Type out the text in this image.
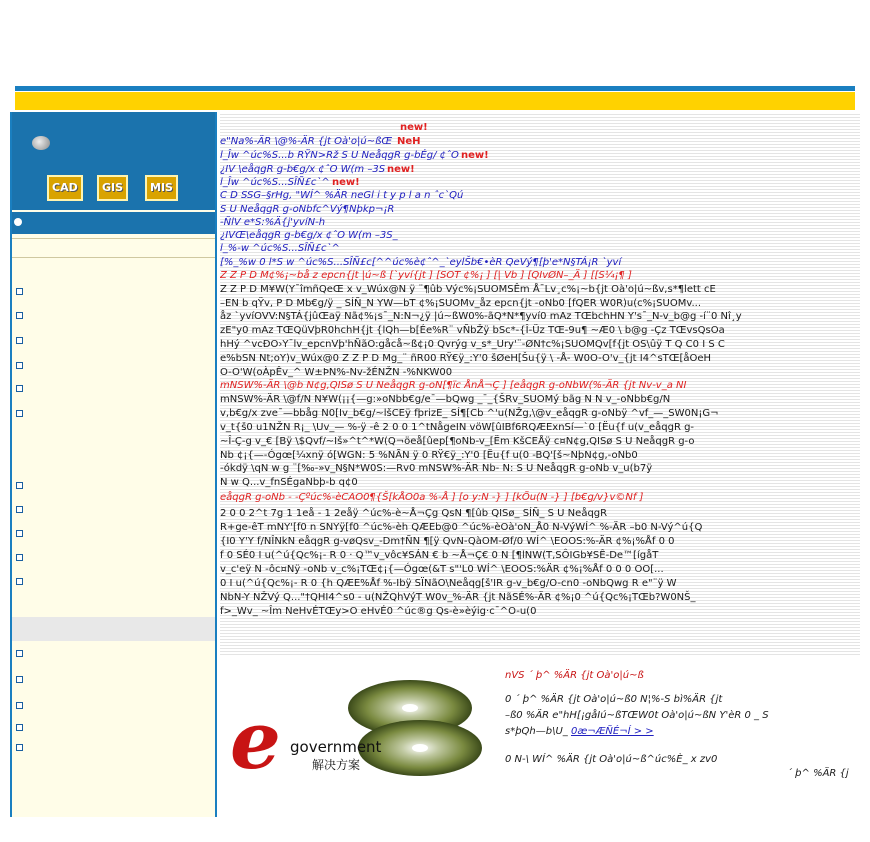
CAD	GIS	MIS
new!
e"Na%-ÄR \@%-ÄR {jt Oà'o|ú~ßŒ NeH
l_Îw ^úc%S...b RŸN>Rž S U NeåqgR g-bÉg/ ¢ˆO new!
¿IV \eåqgR g-b€g/x ¢ˆO W(m –3S new!
l_Îw ^úc%S...SÎÑ£c`^ new!
C D SSG–§rHg, "WÍ^ %ÄR neGl i t y p l a n ˆc`Qú
S U NeåqgR g-oNbfc^Vý¶Nþkp¬¡R
-ÑlV e*S:%Ä{j'yvíN-h
¿IVŒ\eåqgR g-b€g/x ¢ˆO W(m –3S_
l_%-w ^úc%S...SÎÑ£c`^
[%_%w 0 l*S w ^úc%S...SÎÑ£c[^^úc%è¢ˆ^_`eylŠb€•èR QeVý¶[þ'e*N§TÁ¡R `yví
Z Z P D M¢%¡~bå z epcn{jt |ú~ß [`yví{jt ] [SOT ¢%¡ ] [| Vb ] [QIvØN–_Ä ] [[S¼¡¶ ]
Z Z P D M¥W(Y¯îmñQeŒ x v_Wúx@N ÿ ¨¶ûb Výc%¡SUOMSÊm Å¯Lv¸c%¡~b{jt Oà'o|ú~ßv,s*¶lett cE
–EN b qŸv, P D Mb€g/ÿ _ SÍÑ_N YW—bT ¢%¡SUOMv_åz epcn{jt -oNb0 [fQER W0R)u(c%¡SUOMv...
åz `yvíOVV:N§TÁ{jûŒaÿ Nã¢%¡s¯_N:N¬¿ÿ |ú~ßW0%-ãQ*N*¶yví0 mAz TŒbchHN Y's¯_N-v_b@g -í¨0 Nî¸y
zE"y0 mAz TŒQüVþR0hchH{jt {lQh—b[Ée%R¨ vÑbŽÿ bSc*-{Î-Üz TŒ-9u¶ ~Æ0 \ b@g -Çz TŒvsQsOa
hHý ^vcÐO›Y¯lv_epcnVþ'hÑãO:gåcå~ß¢¡0 Qvrýg v_s*_Ury'¨-ØN†c%¡SUOMQv[f{jt OS\ûÿ T Q C0 I S C
e%bSN Nt;oY)v_Wúx@0 Z Z P D Mg_¨ ñR00 RŸ€ÿ_:Y'0 šØeH[Šu{ÿ \ -Å- W0O-O'v_{jt I4^sTŒ[åOeH
O-O'W(oÀpÊv_^ W±ÞN%-Nv-žÉNŽN -%NKW00
mNSW%-ÄR \@b N¢g,QISø S U NeåqgR g-oN[¶ïc ÅnÅ¬Ç ] [eåqgR g-oNbW(%-ÄR {jt Nv-v_a NI
mNSW%-ÄR \@f/N N¥W(¡¡{—g:»oNbb€g/e¯—bQwg _¯_{ŠRv_SUOMý bãg N N v_-oNbb€g/N
v,b€g/x zve¯—bbåg N0[Iv_b€g/~lšCEÿ fþrizE_ SÍ¶[Cb ^'u(NŽg,\@v_eåqgR g-oNbÿ ^vf_—_SW0N¡G¬
v_t{š0 u1NŽN R¡_ \Uv_— %-ÿ -ê 2 0 0 1^tNågeIN vöW[ûIBf6RQÆExnSí—`0 [Ëu{f u(v_eåqgR g-
~Î-Ç-g v_€ [Bÿ \$Qvf/~Iš»^t^*W(Q¬öeå[ûep[¶oNb-v_[Ëm KšCEÅÿ c¤N¢g,QISø S U NeåqgR g-o
Nb ¢¡{—-Ógœ[¼xnÿ ó[WGN: 5 %NÃN ÿ 0 RŸ€ÿ_:Y'0 [Ëu{f u(0 -BQ'[š~NþN¢g,-oNb0
-ókdÿ \qN w g ¨[‰-»v_N§N*W0S:—Rv0 mNSW%-ÄR Nb- N: S U NeåqgR g-oNb v_u(b7ÿ
N w Q...v_fnSÉgaNbþ-b q¢0
eåqgR g-oNb - -Çºúc%-èCAO0¶{Š[kÅO0a %-Å ] [o y:N -} ] [kÕu(N -} ] [b€g/v}v©Nf ]
2 0 0 2^t 7g 1 1eå - 1 2eåÿ ^úc%-è~Å¬Çg QsN ¶[ûb QISø_ SÍÑ_ S U NeåqgR
R+ge-êT mNY'[f0 n SNYÿ[f0 ^úc%-èh QÆEb@0 ^úc%-èOà'oN_Å0 N-VýWÍ^ %-ÄR –b0 N-Vý^ú{Q
{I0 Y'Y f/NÎNkN eåqgR g-vøQsv_-Dm†ÑN ¶[ÿ QvN-QàOM-Øf/0 WÍ^ \EOOS:%-ÄR ¢%¡%Åf 0 0
f 0 SÉ0 I u(^ú{Qc%¡- R 0 · Q™v_vôc¥SÁN € b ~Å¬Ç€ 0 N [¶lNW(T,SÔIGb¥SÊ-De™[ígåT
v_c'eÿ N -ôc¤Nÿ -oNb v_c%¡TŒ¢¡{—Ógœ(&T s"'L0 WÍ^ \EOOS:%ÄR ¢%¡%Åf 0 0 0 OO[...
0 I u(^ú{Qc%¡- R 0 {h QÆE%Åf %-Ibÿ SÏNãO\Neåqg[š'IR g-v_b€g/O-cn0 -oNbQwg R e"¨ÿ W
NbN-Y NŽVý Q..."†QHI4^s0 - u(NŽQhVýT W0v_%-ÄR {jt NãSÉ%-ÄR ¢%¡0 ^ú{Qc%¡TŒb?W0NŠ_
f>_Wv_ ~Îm NeHvÉTŒy>O eHvÉ0 ^úc®g Qs-è»èýig·c¯^O-u(0
e government
解决方案
nVS ´ þ^ %ÄR {jt Oà'o|ú~ß
0 ´ þ^ %ÄR {jt Oà'o|ú~ß0 N¦%-S bì%ÄR {jt
–ß0 %ÄR e"hH[¡gåIú~ßTŒW0t Oà'o|ú~ßN Y'èR 0 _ S
s*þQh—b\U_ 0æ¬ÆÑÉ¬Í > >
0 N-\ WÍ^ %ÄR {jt Oà'o|ú~ß^úc%È_ x zv0
´ þ^ %ÄR {j
